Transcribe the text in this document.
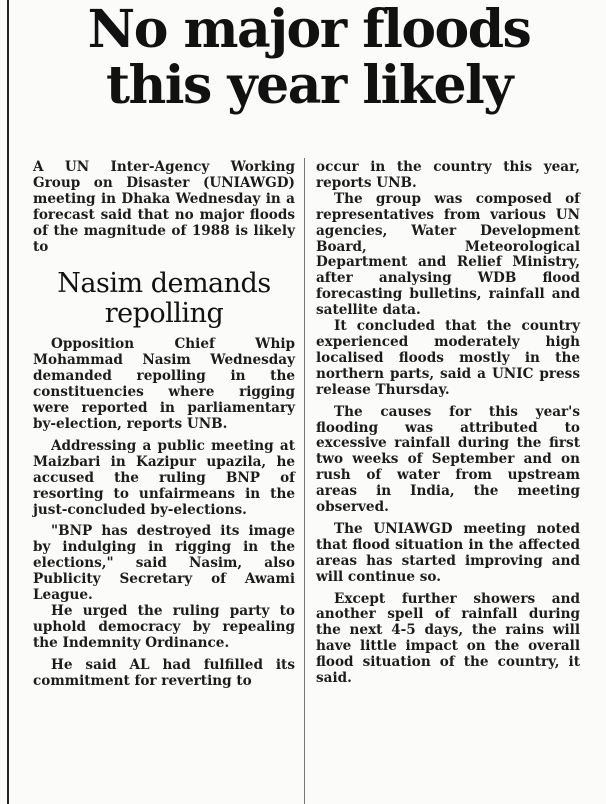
No major floods
this year likely

A UN Inter-Agency Working Group on Disaster (UNIAWGD) meeting in Dhaka Wednesday in a forecast said that no major floods of the magnitude of 1988 is likely to

Nasim demands
repolling

Opposition Chief Whip Mohammad Nasim Wednesday demanded repolling in the constituencies where rigging were reported in parliamentary by-election, reports UNB.

Addressing a public meeting at Maizbari in Kazipur upazila, he accused the ruling BNP of resorting to unfairmeans in the just-concluded by-elections.

"BNP has destroyed its image by indulging in rigging in the elections," said Nasim, also Publicity Secretary of Awami League.

He urged the ruling party to uphold democracy by repealing the Indemnity Ordinance.

He said AL had fulfilled its commitment for reverting to

occur in the country this year, reports UNB.

The group was composed of representatives from various UN agencies, Water Development Board, Meteorological Department and Relief Ministry, after analysing WDB flood forecasting bulletins, rainfall and satellite data.

It concluded that the country experienced moderately high localised floods mostly in the northern parts, said a UNIC press release Thursday.

The causes for this year's flooding was attributed to excessive rainfall during the first two weeks of September and on rush of water from upstream areas in India, the meeting observed.

The UNIAWGD meeting noted that flood situation in the affected areas has started improving and will continue so.

Except further showers and another spell of rainfall during the next 4-5 days, the rains will have little impact on the overall flood situation of the country, it said.
